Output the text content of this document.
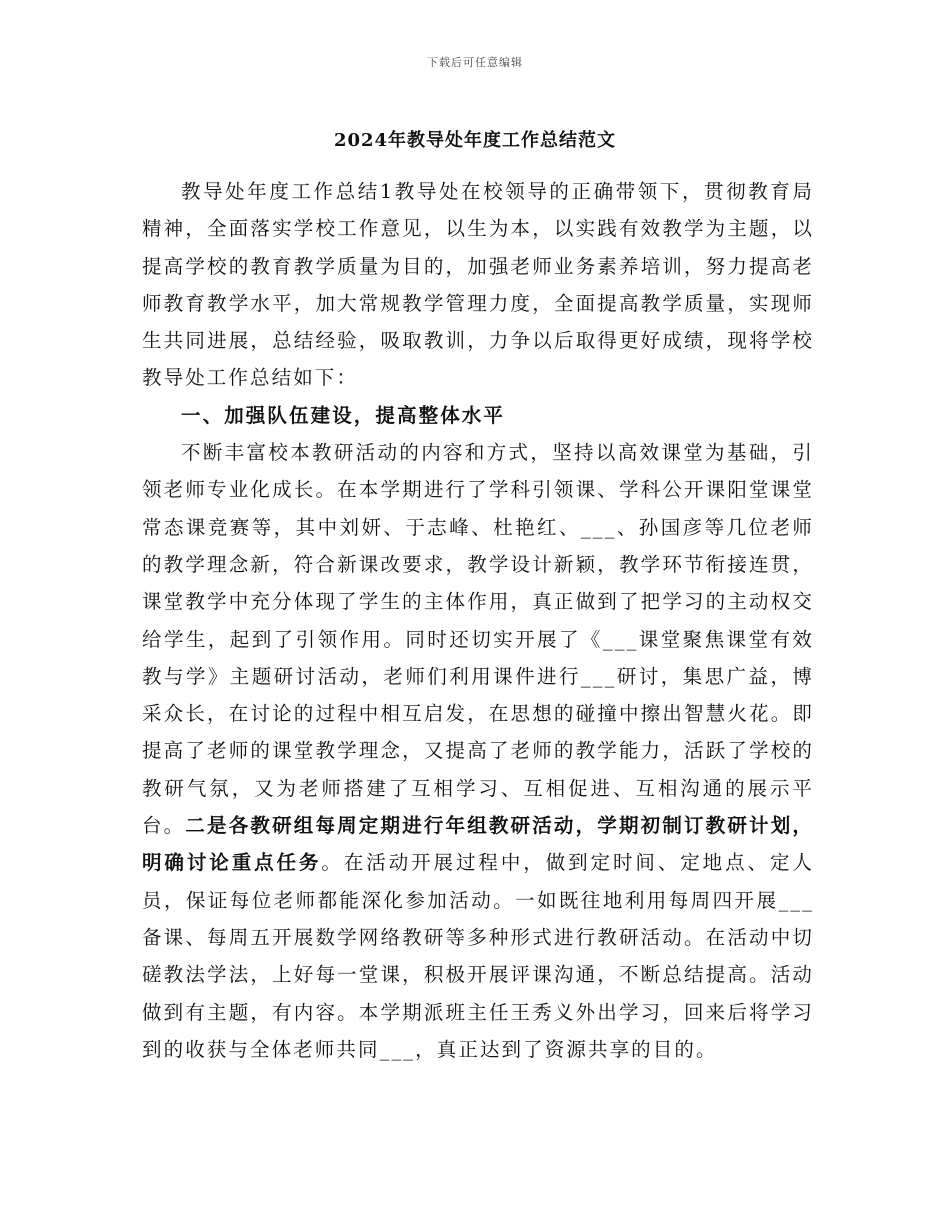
下载后可任意编辑
2024年教导处年度工作总结范文

教导处年度工作总结1教导处在校领导的正确带领下，贯彻教育局精神，全面落实学校工作意见，以生为本，以实践有效教学为主题，以提高学校的教育教学质量为目的，加强老师业务素养培训，努力提高老师教育教学水平，加大常规教学管理力度，全面提高教学质量，实现师生共同进展，总结经验，吸取教训，力争以后取得更好成绩，现将学校教导处工作总结如下：

一、加强队伍建设，提高整体水平

不断丰富校本教研活动的内容和方式，坚持以高效课堂为基础，引领老师专业化成长。在本学期进行了学科引领课、学科公开课阳堂课堂常态课竞赛等，其中刘妍、于志峰、杜艳红、___、孙国彦等几位老师的教学理念新，符合新课改要求，教学设计新颖，教学环节衔接连贯，课堂教学中充分体现了学生的主体作用，真正做到了把学习的主动权交给学生，起到了引领作用。同时还切实开展了《___课堂聚焦课堂有效教与学》主题研讨活动，老师们利用课件进行___研讨，集思广益，博采众长，在讨论的过程中相互启发，在思想的碰撞中擦出智慧火花。即提高了老师的课堂教学理念，又提高了老师的教学能力，活跃了学校的教研气氛，又为老师搭建了互相学习、互相促进、互相沟通的展示平台。二是各教研组每周定期进行年组教研活动，学期初制订教研计划，明确讨论重点任务。在活动开展过程中，做到定时间、定地点、定人员，保证每位老师都能深化参加活动。一如既往地利用每周四开展___备课、每周五开展数学网络教研等多种形式进行教研活动。在活动中切磋教法学法，上好每一堂课，积极开展评课沟通，不断总结提高。活动做到有主题，有内容。本学期派班主任王秀义外出学习，回来后将学习到的收获与全体老师共同___，真正达到了资源共享的目的。
